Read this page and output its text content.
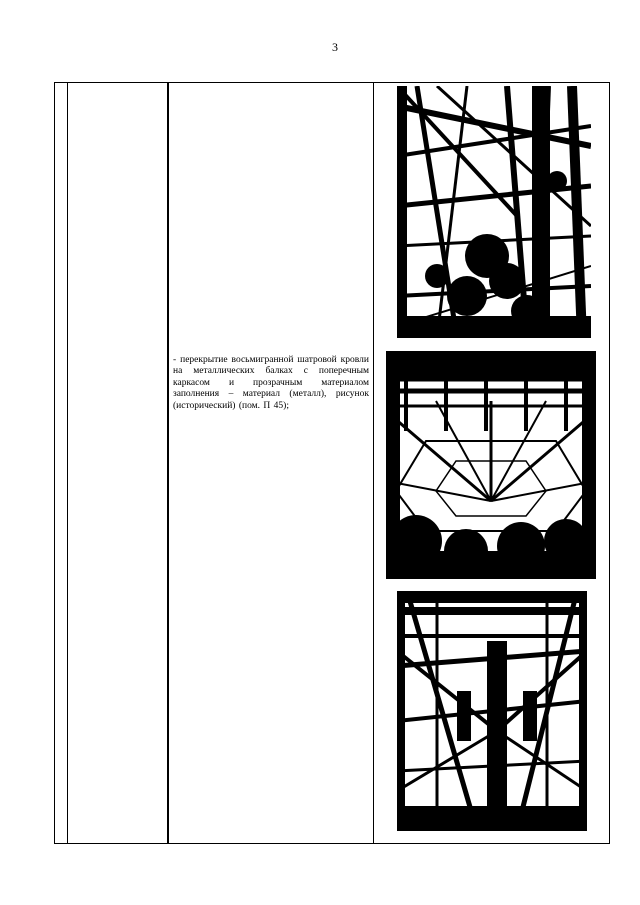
3
- перекрытие восьмигранной шатровой кровли на металлических балках с поперечным каркасом и прозрачным материалом заполнения – материал (металл), рисунок (исторический) (пом. П 45);
